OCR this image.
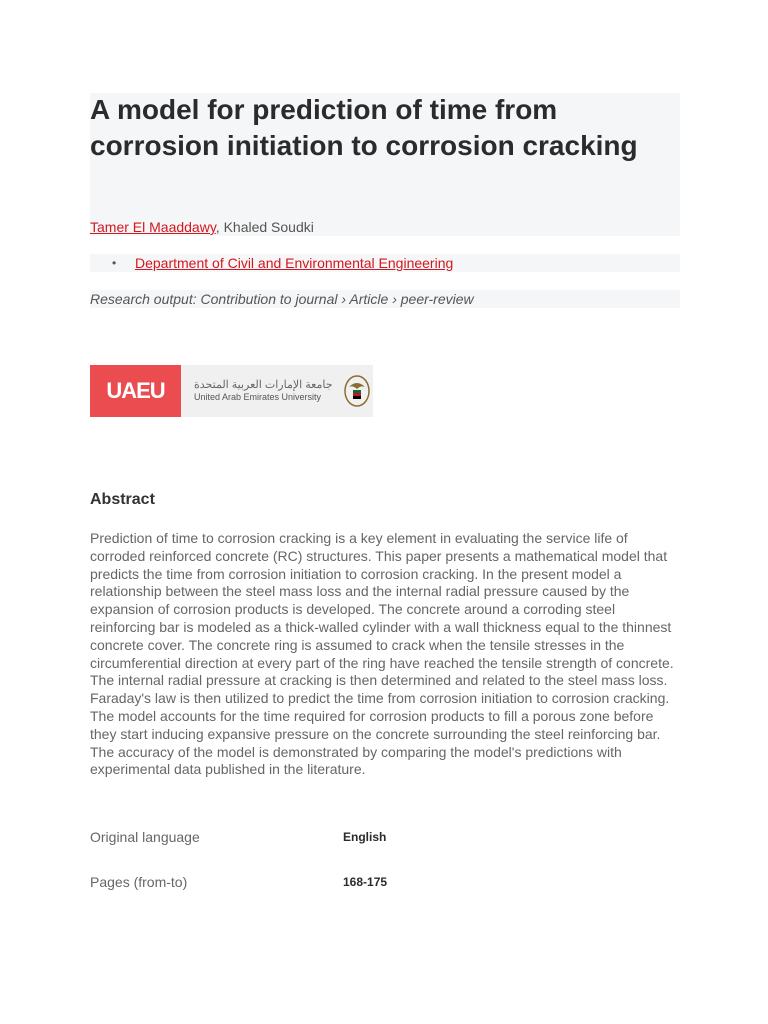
A model for prediction of time from corrosion initiation to corrosion cracking
Tamer El Maaddawy, Khaled Soudki
• Department of Civil and Environmental Engineering
Research output: Contribution to journal › Article › peer-review
UAEU	جامعة الإمارات العربية المتحدة
United Arab Emirates University
Abstract

Prediction of time to corrosion cracking is a key element in evaluating the service life of corroded reinforced concrete (RC) structures. This paper presents a mathematical model that predicts the time from corrosion initiation to corrosion cracking. In the present model a relationship between the steel mass loss and the internal radial pressure caused by the expansion of corrosion products is developed. The concrete around a corroding steel reinforcing bar is modeled as a thick-walled cylinder with a wall thickness equal to the thinnest concrete cover. The concrete ring is assumed to crack when the tensile stresses in the circumferential direction at every part of the ring have reached the tensile strength of concrete. The internal radial pressure at cracking is then determined and related to the steel mass loss. Faraday's law is then utilized to predict the time from corrosion initiation to corrosion cracking. The model accounts for the time required for corrosion products to fill a porous zone before they start inducing expansive pressure on the concrete surrounding the steel reinforcing bar. The accuracy of the model is demonstrated by comparing the model's predictions with experimental data published in the literature.

Original language	English
Pages (from-to)	168-175
